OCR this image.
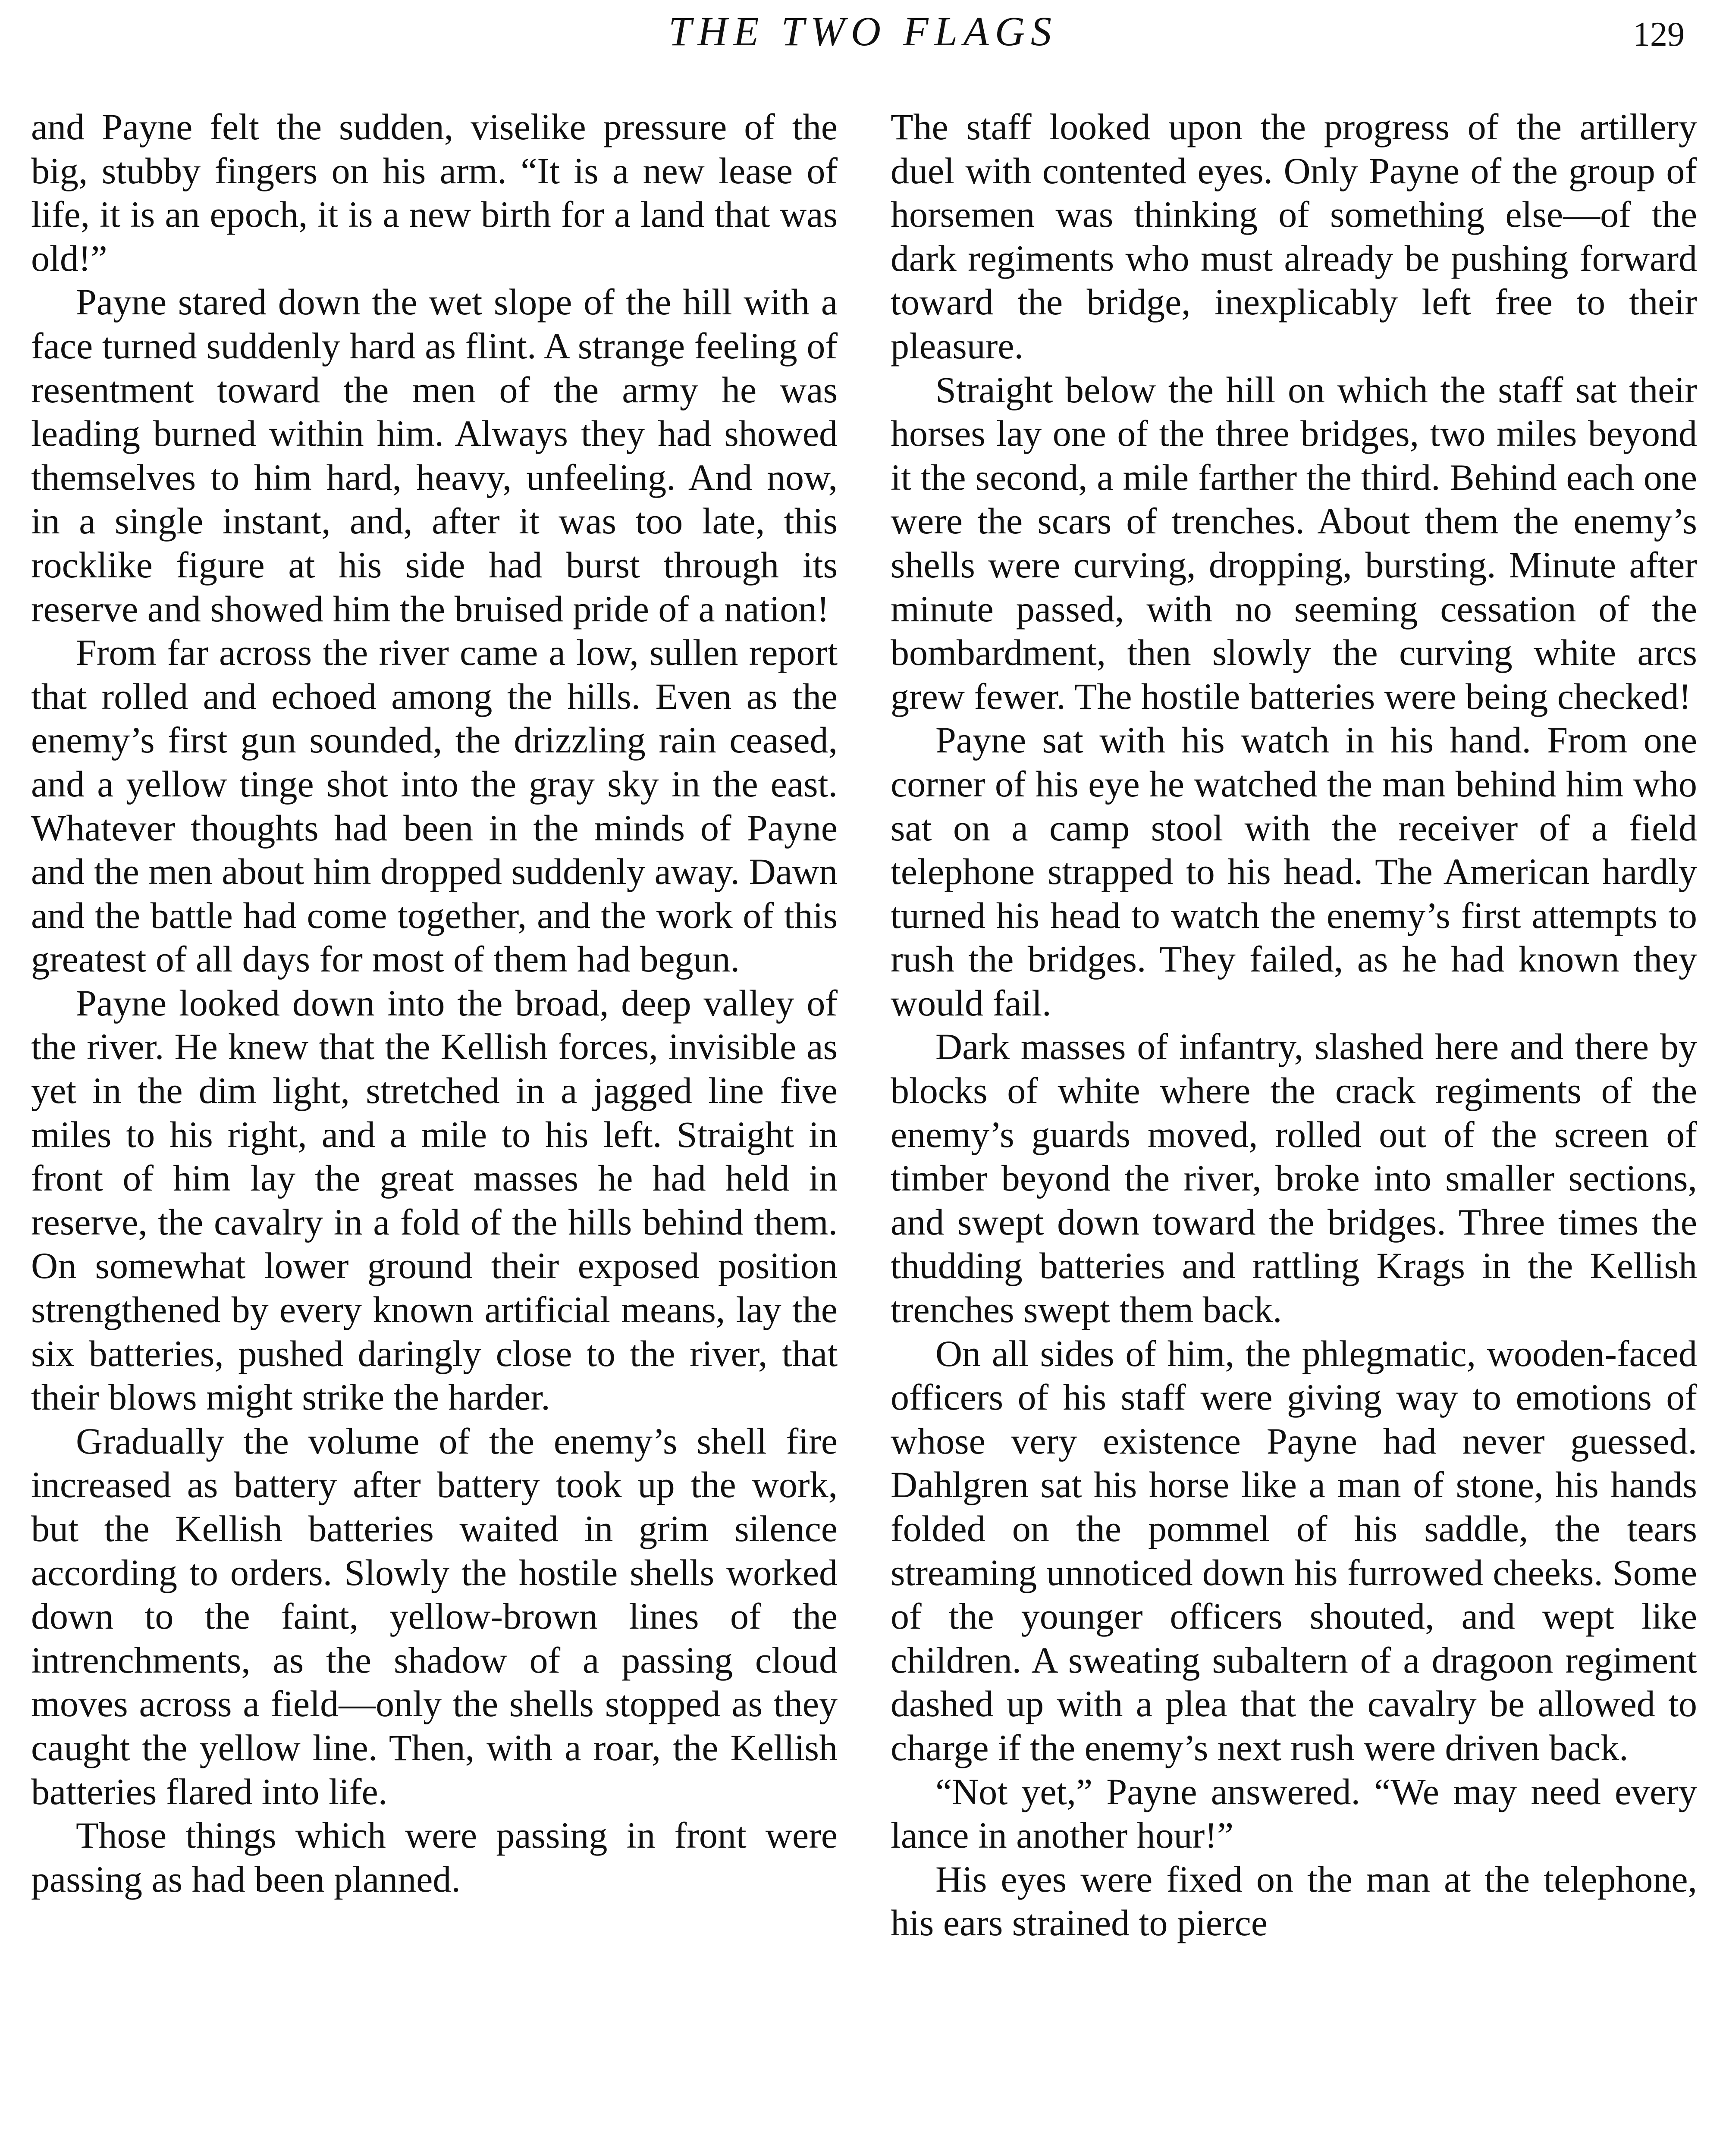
THE TWO FLAGS	129

and Payne felt the sudden, viselike pressure of the big, stubby fingers on his arm. “It is a new lease of life, it is an epoch, it is a new birth for a land that was old!”

Payne stared down the wet slope of the hill with a face turned suddenly hard as flint. A strange feeling of resentment toward the men of the army he was leading burned within him. Always they had showed themselves to him hard, heavy, unfeeling. And now, in a single instant, and, after it was too late, this rocklike figure at his side had burst through its reserve and showed him the bruised pride of a nation!

From far across the river came a low, sullen report that rolled and echoed among the hills. Even as the enemy’s first gun sounded, the drizzling rain ceased, and a yellow tinge shot into the gray sky in the east. Whatever thoughts had been in the minds of Payne and the men about him dropped suddenly away. Dawn and the battle had come together, and the work of this greatest of all days for most of them had begun.

Payne looked down into the broad, deep valley of the river. He knew that the Kellish forces, invisible as yet in the dim light, stretched in a jagged line five miles to his right, and a mile to his left. Straight in front of him lay the great masses he had held in reserve, the cavalry in a fold of the hills behind them. On somewhat lower ground their exposed position strengthened by every known artificial means, lay the six batteries, pushed daringly close to the river, that their blows might strike the harder.

Gradually the volume of the enemy’s shell fire increased as battery after battery took up the work, but the Kellish batteries waited in grim silence according to orders. Slowly the hostile shells worked down to the faint, yellow-brown lines of the intrenchments, as the shadow of a passing cloud moves across a field—only the shells stopped as they caught the yellow line. Then, with a roar, the Kellish batteries flared into life.

Those things which were passing in front were passing as had been planned.

The staff looked upon the progress of the artillery duel with contented eyes. Only Payne of the group of horsemen was thinking of something else—of the dark regiments who must already be pushing forward toward the bridge, inexplicably left free to their pleasure.

Straight below the hill on which the staff sat their horses lay one of the three bridges, two miles beyond it the second, a mile farther the third. Behind each one were the scars of trenches. About them the enemy’s shells were curving, dropping, bursting. Minute after minute passed, with no seeming cessation of the bombardment, then slowly the curving white arcs grew fewer. The hostile batteries were being checked!

Payne sat with his watch in his hand. From one corner of his eye he watched the man behind him who sat on a camp stool with the receiver of a field telephone strapped to his head. The American hardly turned his head to watch the enemy’s first attempts to rush the bridges. They failed, as he had known they would fail.

Dark masses of infantry, slashed here and there by blocks of white where the crack regiments of the enemy’s guards moved, rolled out of the screen of timber beyond the river, broke into smaller sections, and swept down toward the bridges. Three times the thudding batteries and rattling Krags in the Kellish trenches swept them back.

On all sides of him, the phlegmatic, wooden-faced officers of his staff were giving way to emotions of whose very existence Payne had never guessed. Dahlgren sat his horse like a man of stone, his hands folded on the pommel of his saddle, the tears streaming unnoticed down his furrowed cheeks. Some of the younger officers shouted, and wept like children. A sweating subaltern of a dragoon regiment dashed up with a plea that the cavalry be allowed to charge if the enemy’s next rush were driven back.

“Not yet,” Payne answered. “We may need every lance in another hour!”

His eyes were fixed on the man at the telephone, his ears strained to pierce
